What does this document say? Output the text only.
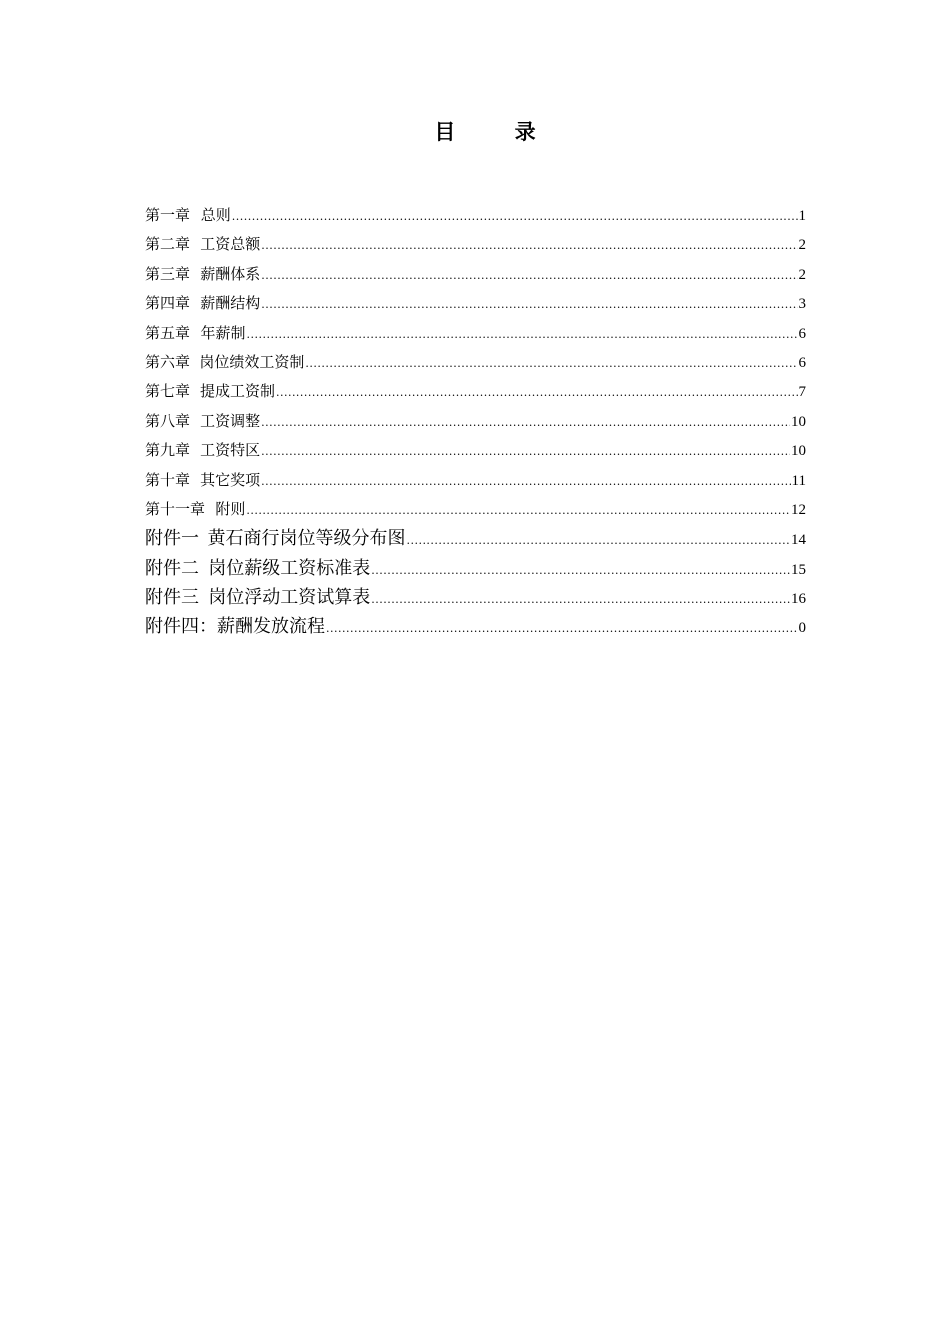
目 录
第一章 总则 .....	1
第二章 工资总额 .....	2
第三章 薪酬体系 .....	2
第四章 薪酬结构 .....	3
第五章 年薪制 .....	6
第六章 岗位绩效工资制 .....	6
第七章 提成工资制 .....	7
第八章 工资调整 .....	10
第九章 工资特区 .....	10
第十章 其它奖项 .....	11
第十一章 附则 .....	12
附件一 黄石商行岗位等级分布图 .....	14
附件二 岗位薪级工资标准表 .....	15
附件三 岗位浮动工资试算表 .....	16
附件四： 薪酬发放流程 .....	0
